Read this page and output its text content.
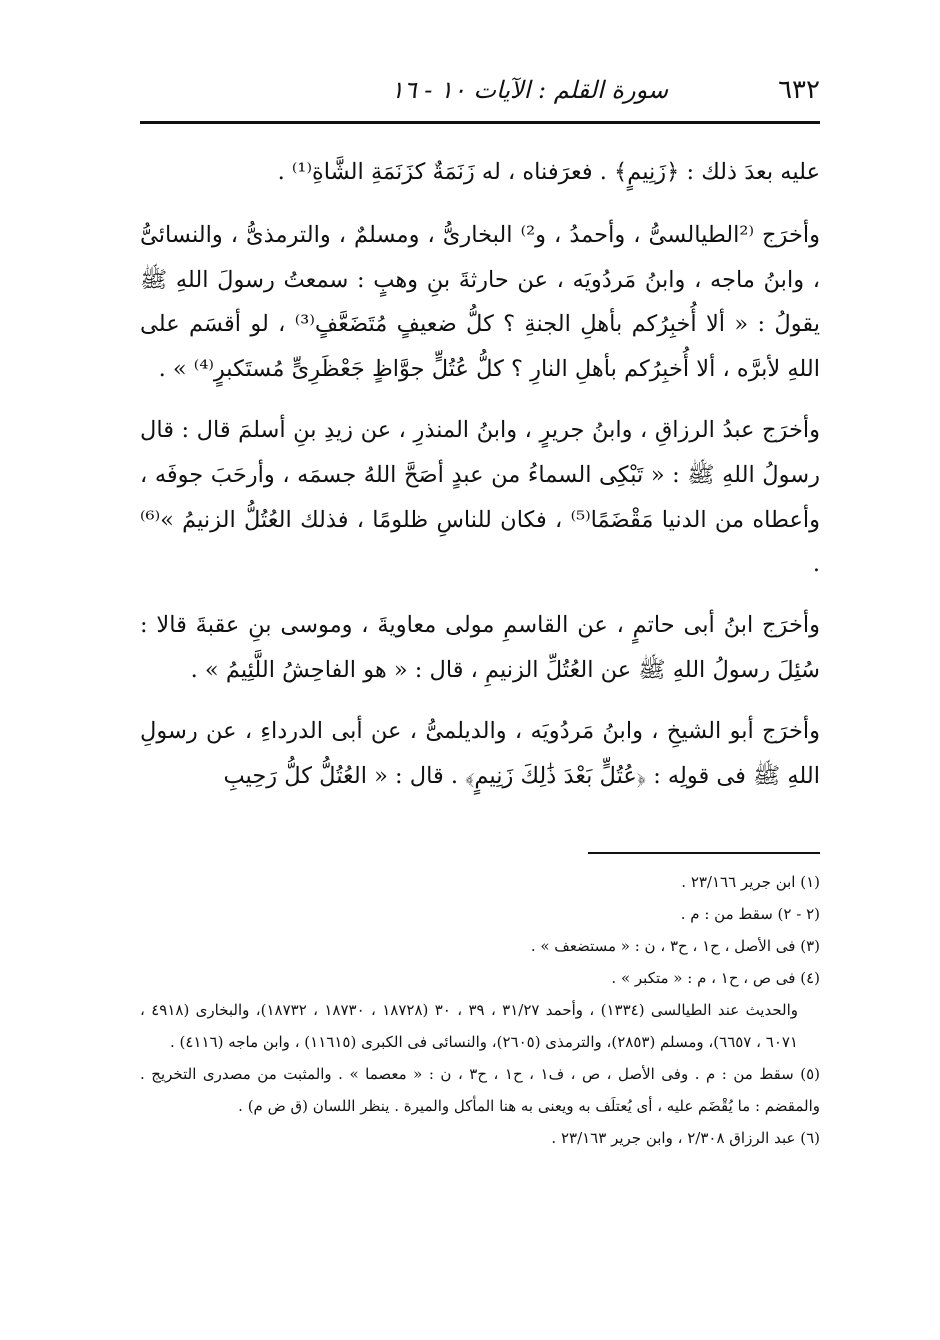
٦٣٢
سورة القلم : الآيات ١٠ - ١٦

عليه بعدَ ذلك : ﴿زَنِيمٍ﴾ . فعرَفناه ، له زَنَمَةٌ كزَنَمَةِ الشَّاةِ⁽¹⁾ .

وأخرَج ⁽²الطيالسىُّ ، وأحمدُ ، و²⁾ البخارىُّ ، ومسلمٌ ، والترمذىُّ ، والنسائىُّ ، وابنُ ماجه ، وابنُ مَردُويَه ، عن حارثةَ بنِ وهبٍ : سمعتُ رسولَ اللهِ ﷺ يقولُ : « ألا أُخبِرُكم بأهلِ الجنةِ ؟ كلُّ ضعيفٍ مُتَضَعَّفٍ⁽³⁾ ، لو أقسَم على اللهِ لأبرَّه ، ألا أُخبِرُكم بأهلِ النارِ ؟ كلُّ عُتُلٍّ جوَّاظٍ جَعْظَرِىٍّ مُستَكبرٍ⁽⁴⁾ » .

وأخرَج عبدُ الرزاقِ ، وابنُ جريرٍ ، وابنُ المنذرِ ، عن زيدِ بنِ أسلمَ قال : قال رسولُ اللهِ ﷺ : « تَبْكِى السماءُ من عبدٍ أصَحَّ اللهُ جسمَه ، وأرحَبَ جوفَه ، وأعطاه من الدنيا مَقْضَمًا⁽⁵⁾ ، فكان للناسِ ظلومًا ، فذلك العُتُلُّ الزنيمُ »⁽⁶⁾ .

وأخرَج ابنُ أبى حاتمٍ ، عن القاسمِ مولى معاويةَ ، وموسى بنِ عقبةَ قالا : سُئِلَ رسولُ اللهِ ﷺ عن العُتُلِّ الزنيمِ ، قال : « هو الفاحِشُ اللَّئِيمُ » .

وأخرَج أبو الشيخِ ، وابنُ مَردُويَه ، والديلمىُّ ، عن أبى الدرداءِ ، عن رسولِ اللهِ ﷺ فى قولِه : ﴿عُتُلٍّ بَعْدَ ذَٰلِكَ زَنِيمٍ﴾ . قال : « العُتُلُّ كلُّ رَحِيبِ

(١) ابن جرير ٢٣/١٦٦ .

(٢ - ٢) سقط من : م .

(٣) فى الأصل ، ح١ ، ح٣ ، ن : « مستضعف » .

(٤) فى ص ، ح١ ، م : « متكبر » .

والحديث عند الطيالسى (١٣٣٤) ، وأحمد ٣١/٢٧ ، ٣٩ ، ٣٠ (١٨٧٢٨ ، ١٨٧٣٠ ، ١٨٧٣٢)، والبخارى (٤٩١٨ ، ٦٠٧١ ، ٦٦٥٧)، ومسلم (٢٨٥٣)، والترمذى (٢٦٠٥)، والنسائى فى الكبرى (١١٦١٥) ، وابن ماجه (٤١١٦) .

(٥) سقط من : م . وفى الأصل ، ص ، ف١ ، ح١ ، ح٣ ، ن : « معصما » . والمثبت من مصدرى التخريج . والمقضم : ما يُقْضَم عليه ، أى يُعتلَف به ويعنى به هنا المأكل والميرة . ينظر اللسان (ق ض م) .

(٦) عبد الرزاق ٢/٣٠٨ ، وابن جرير ٢٣/١٦٣ .
